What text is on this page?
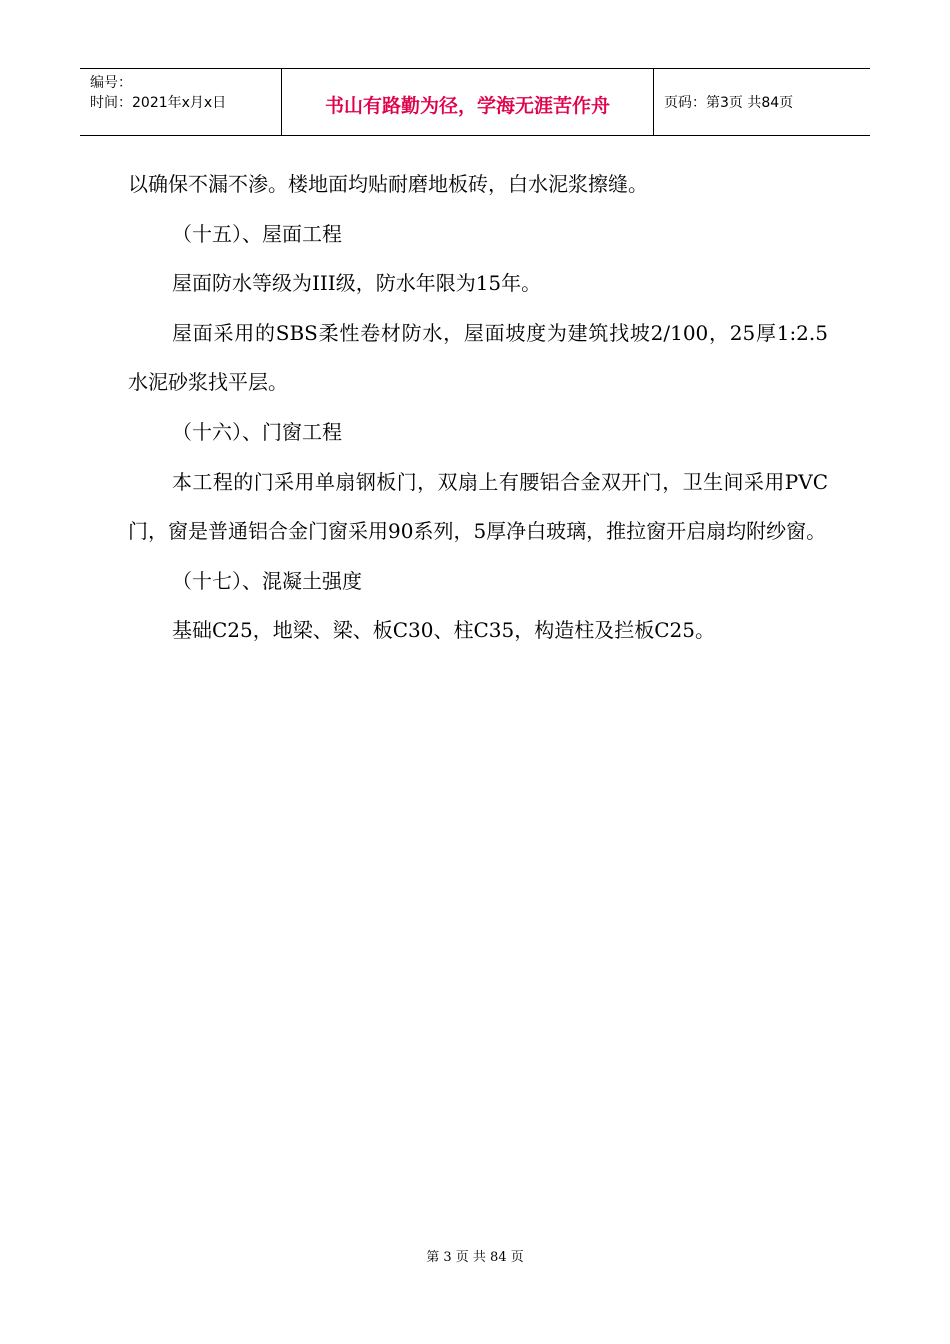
编号：
时间：2021年x月x日	书山有路勤为径，学海无涯苦作舟	页码：第3页 共84页

以确保不漏不渗。楼地面均贴耐磨地板砖，白水泥浆擦缝。

（十五）、屋面工程

屋面防水等级为III级，防水年限为15年。

屋面采用的SBS柔性卷材防水，屋面坡度为建筑找坡2/100，25厚1:2.5水泥砂浆找平层。

（十六）、门窗工程

本工程的门采用单扇钢板门，双扇上有腰铝合金双开门，卫生间采用PVC门，窗是普通铝合金门窗采用90系列，5厚净白玻璃，推拉窗开启扇均附纱窗。

（十七）、混凝土强度

基础C25，地梁、梁、板C30、柱C35，构造柱及拦板C25。

第 3 页 共 84 页
